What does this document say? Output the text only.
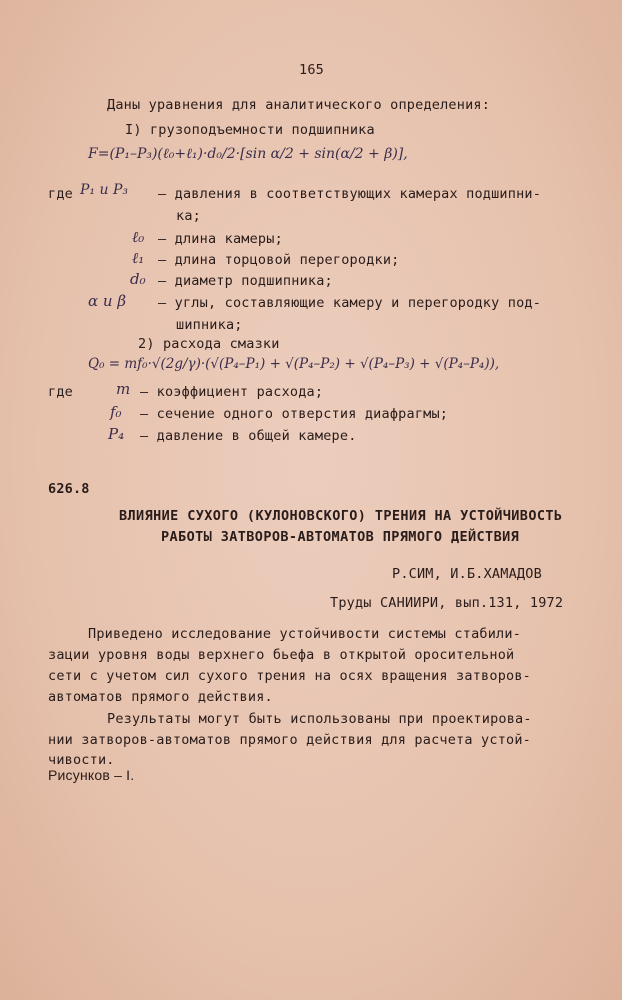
165
Даны уравнения для аналитического определения:
I) грузоподъемности подшипника
F=(P₁–P₃)(ℓ₀+ℓ₁)·d₀/2·[sin α/2 + sin(α/2 + β)],
где P₁ и P₃ – давления в соответствующих камерах подшипни-
ка;
ℓ₀ – длина камеры;
ℓ₁ – длина торцовой перегородки;
d₀ – диаметр подшипника;
α и β – углы, составляющие камеру и перегородку под-
шипника;
2) расхода смазки
Q₀ = mf₀·√(2g/γ)·(√(P₄–P₁) + √(P₄–P₂) + √(P₄–P₃) + √(P₄–P₄)),
где	m – коэффициент расхода;
f₀ – сечение одного отверстия диафрагмы;
P₄ – давление в общей камере.
626.8
ВЛИЯНИЕ СУХОГО (КУЛОНОВСКОГО) ТРЕНИЯ НА УСТОЙЧИВОСТЬ
РАБОТЫ ЗАТВОРОВ-АВТОМАТОВ ПРЯМОГО ДЕЙСТВИЯ
Р.СИМ, И.Б.ХАМАДОВ
Труды САНИИРИ, вып.131, 1972
Приведено исследование устойчивости системы стабили-
зации уровня воды верхнего бьефа в открытой оросительной
сети с учетом сил сухого трения на осях вращения затворов-
автоматов прямого действия.
Результаты могут быть использованы при проектирова-
нии затворов-автоматов прямого действия для расчета устой-
чивости.
Рисунков – I.
